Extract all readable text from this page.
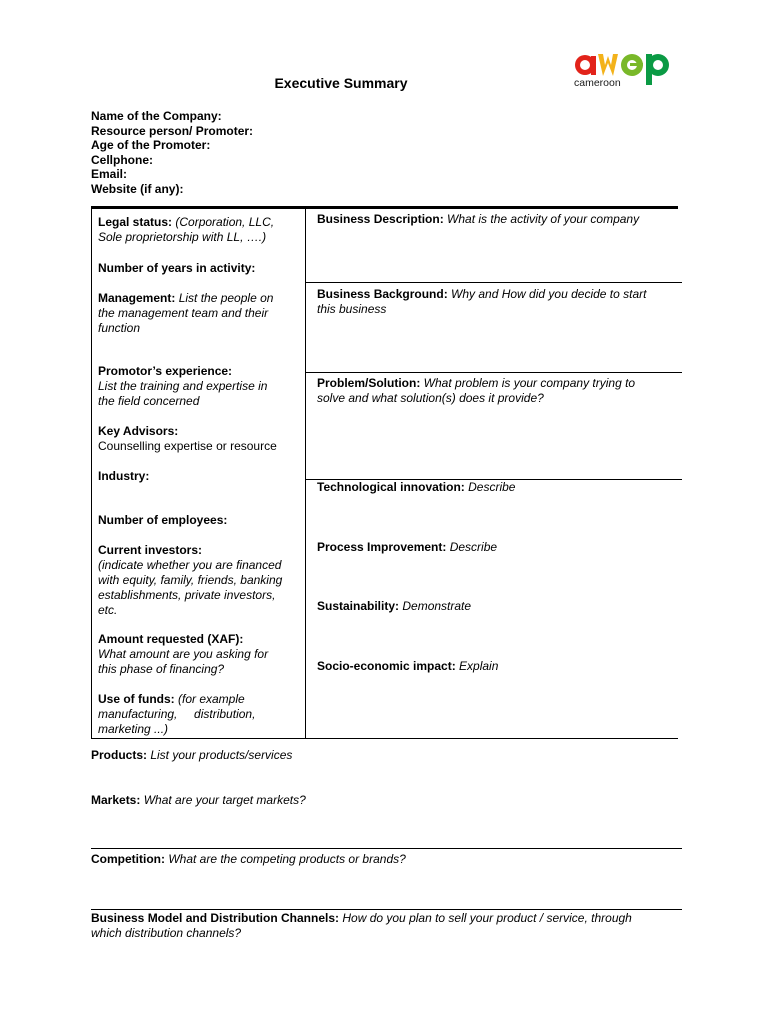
cameroon
Executive Summary
Name of the Company:
Resource person/ Promoter:
Age of the Promoter:
Cellphone:
Email:
Website (if any):
Legal status: (Corporation, LLC,
Sole proprietorship with LL, ….)
Number of years in activity:
Management: List the people on
the management team and their
function
Promotor’s experience:
List the training and expertise in
the field concerned
Key Advisors:
Counselling expertise or resource
Industry:
Number of employees:
Current investors:
(indicate whether you are financed
with equity, family, friends, banking
establishments, private investors,
etc.
Amount requested (XAF):
What amount are you asking for
this phase of financing?
Use of funds: (for example
manufacturing,     distribution,
marketing ...)
Business Description: What is the activity of your company
Business Background: Why and How did you decide to start
this business
Problem/Solution: What problem is your company trying to
solve and what solution(s) does it provide?
Technological innovation: Describe
Process Improvement: Describe
Sustainability: Demonstrate
Socio-economic impact: Explain
Products: List your products/services
Markets: What are your target markets?
Competition: What are the competing products or brands?
Business Model and Distribution Channels: How do you plan to sell your product / service, through
which distribution channels?
